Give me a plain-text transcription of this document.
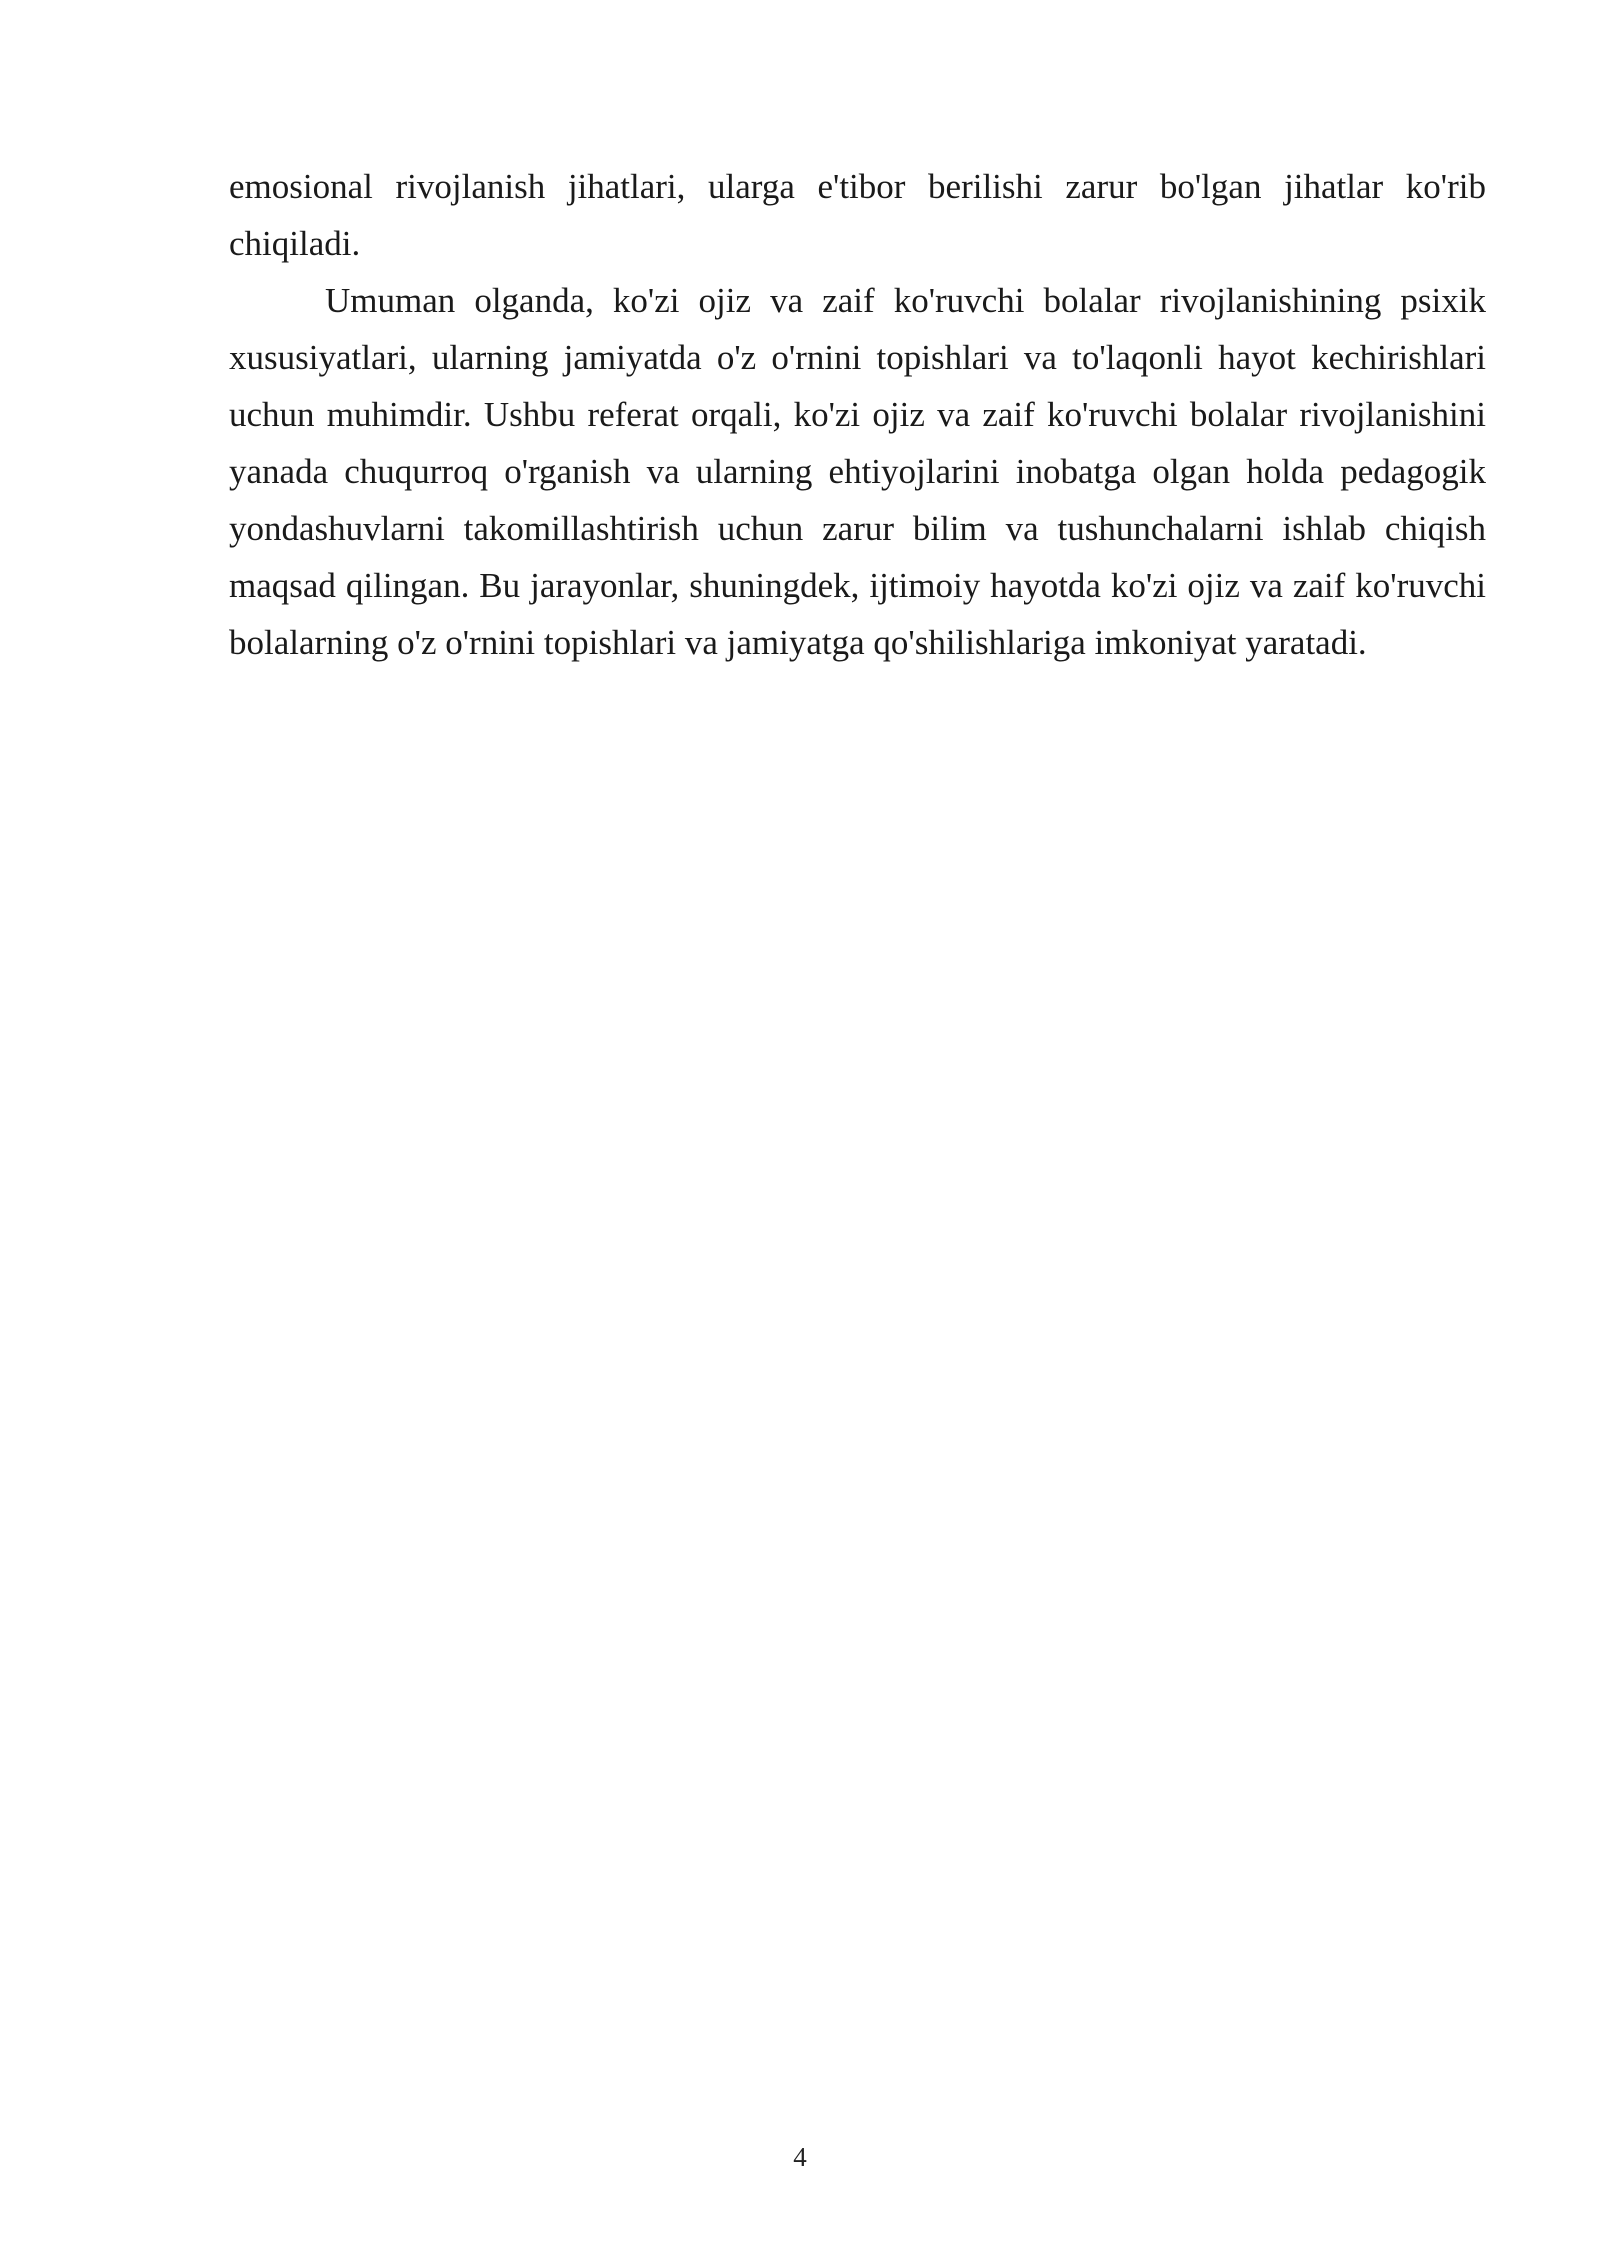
emosional rivojlanish jihatlari, ularga e'tibor berilishi zarur bo'lgan jihatlar ko'rib chiqiladi.

Umuman olganda, ko'zi ojiz va zaif ko'ruvchi bolalar rivojlanishining psixik xususiyatlari, ularning jamiyatda o'z o'rnini topishlari va to'laqonli hayot kechirishlari uchun muhimdir. Ushbu referat orqali, ko'zi ojiz va zaif ko'ruvchi bolalar rivojlanishini yanada chuqurroq o'rganish va ularning ehtiyojlarini inobatga olgan holda pedagogik yondashuvlarni takomillashtirish uchun zarur bilim va tushunchalarni ishlab chiqish maqsad qilingan. Bu jarayonlar, shuningdek, ijtimoiy hayotda ko'zi ojiz va zaif ko'ruvchi bolalarning o'z o'rnini topishlari va jamiyatga qo'shilishlariga imkoniyat yaratadi.

4
